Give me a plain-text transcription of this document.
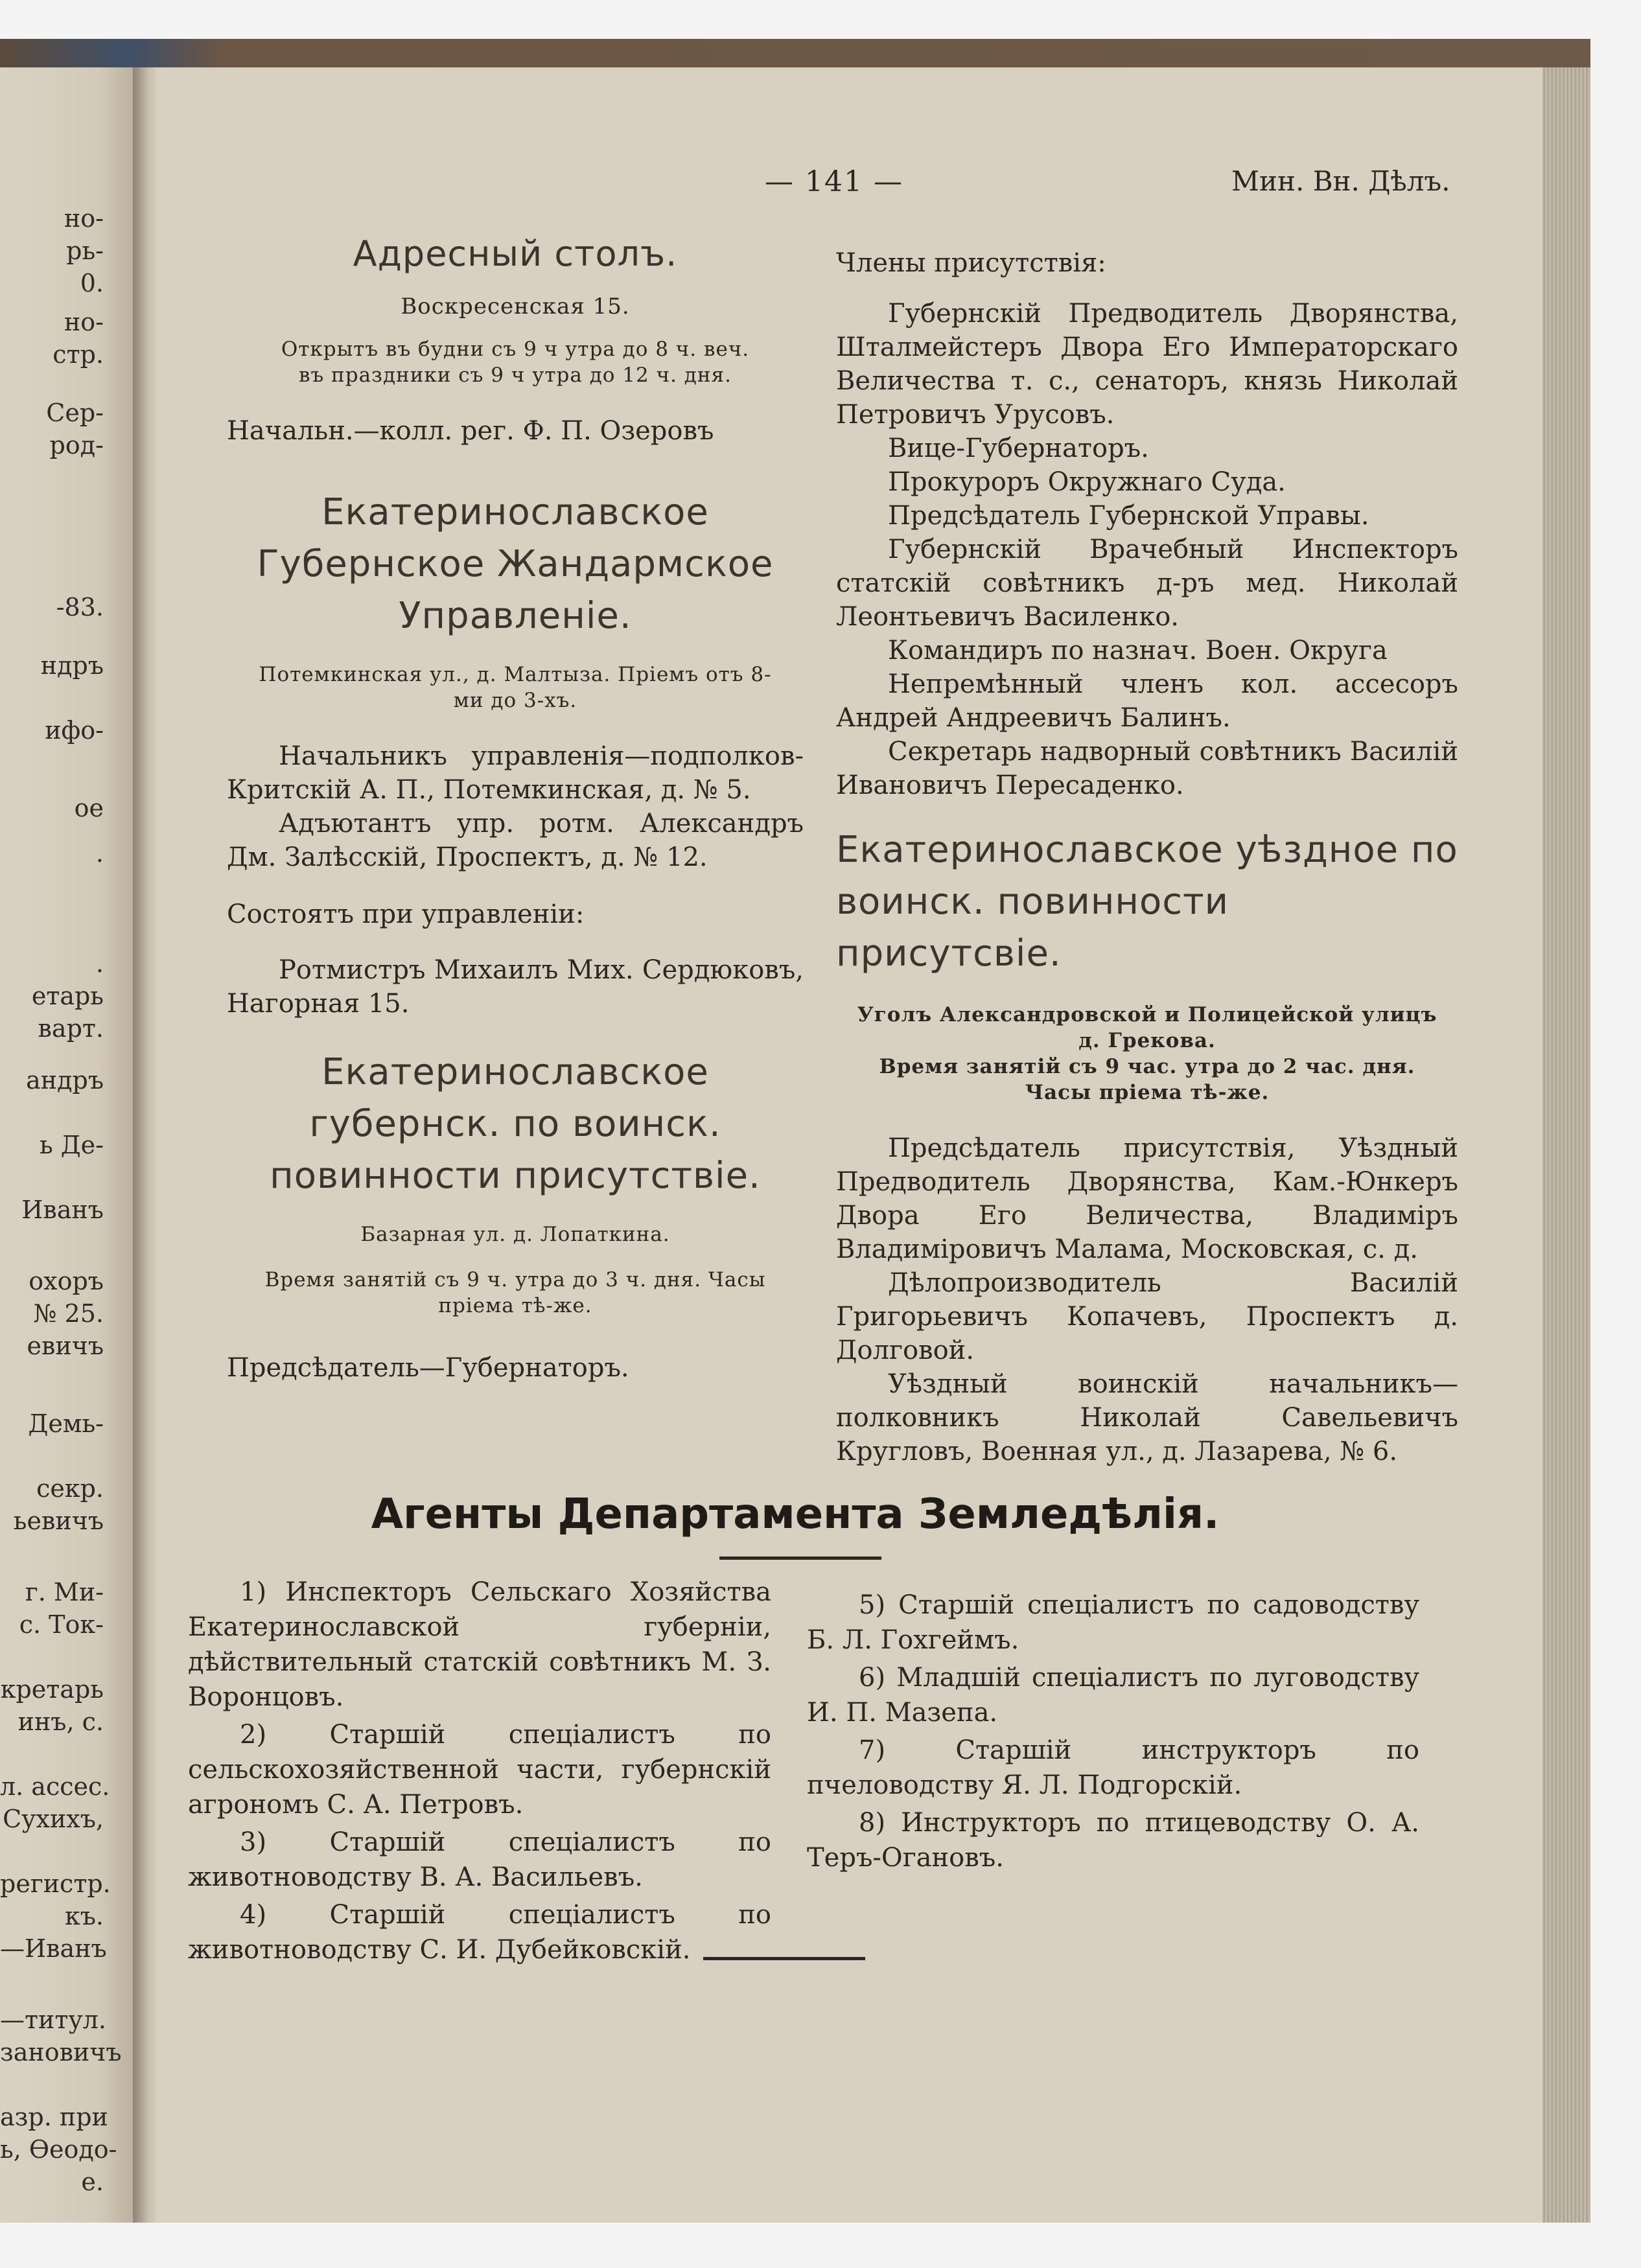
но-
рь-
0.
но-
стр.
Сер-
род-
-83.
ндръ
ифо-
ое
.
.
етарь
варт.
андръ
ь Де-
Иванъ
охоръ
№ 25.
евичъ
Демь-
секр.
ьевичъ
г. Ми-
с. Ток-
кретарь
инъ, с.
л. ассес.
Сухихъ,
регистр.
къ.
—Иванъ
—титул.
зановичъ
азр. при
ь, Өеодо-
е.
— 141 —	Мин. Вн. Дѣлъ.
Адресный столъ.
Воскресенская 15.
Открытъ въ будни съ 9 ч утра до 8 ч. веч.
въ праздники съ 9 ч утра до 12 ч. дня.

Начальн.—колл. рег. Ф. П. Озеровъ

Екатеринославское Губернское Жандармское Управленіе.
Потемкинская ул., д. Малтыза. Пріемъ отъ 8-ми до 3-хъ.

Начальникъ управленія—подполков- Критскій А. П., Потемкинская, д. № 5.

Адъютантъ упр. ротм. Александръ Дм. Залѣсскій, Проспектъ, д. № 12.

Состоятъ при управленіи:

Ротмистръ Михаилъ Мих. Сердюковъ, Нагорная 15.

Екатеринославское губернск. по воинск. повинности присутствіе.
Базарная ул. д. Лопаткина.
Время занятій съ 9 ч. утра до 3 ч. дня. Часы пріема тѣ-же.

Предсѣдатель—Губернаторъ.

Члены присутствія:

Губернскій Предводитель Дворянства, Шталмейстеръ Двора Его Императорскаго Величества т. с., сенаторъ, князь Николай Петровичъ Урусовъ.

Вице-Губернаторъ.

Прокуроръ Окружнаго Суда.

Предсѣдатель Губернской Управы.

Губернскій Врачебный Инспекторъ статскій совѣтникъ д-ръ мед. Николай Леонтьевичъ Василенко.

Командиръ по назнач. Воен. Округа

Непремѣнный членъ кол. ассесоръ Андрей Андреевичъ Балинъ.

Секретарь надворный совѣтникъ Василій Ивановичъ Пересаденко.

Екатеринославское уѣздное по воинск. повинности присутсвіе.
Уголъ Александровской и Полицейской улицъ
д. Грекова.
Время занятій съ 9 час. утра до 2 час. дня.
Часы пріема тѣ-же.

Предсѣдатель присутствія, Уѣздный Предводитель Дворянства, Кам.-Юнкеръ Двора Его Величества, Владиміръ Владиміровичъ Малама, Московская, с. д.

Дѣлопроизводитель Василій Григорьевичъ Копачевъ, Проспектъ д. Долговой.

Уѣздный воинскій начальникъ—полковникъ Николай Савельевичъ Кругловъ, Военная ул., д. Лазарева, № 6.

Агенты Департамента Земледѣлія.

1) Инспекторъ Сельскаго Хозяйства Екатеринославской губерніи, дѣйствительный статскій совѣтникъ М. З. Воронцовъ.

2) Старшій спеціалистъ по сельскохозяйственной части, губернскій агрономъ С. А. Петровъ.

3) Старшій спеціалистъ по животноводству В. А. Васильевъ.

4) Старшій спеціалистъ по животноводству С. И. Дубейковскій.

5) Старшій спеціалистъ по садоводству Б. Л. Гохгеймъ.

6) Младшій спеціалистъ по луговодству И. П. Мазепа.

7) Старшій инструкторъ по пчеловодству Я. Л. Подгорскій.

8) Инструкторъ по птицеводству О. А. Теръ-Огановъ.
